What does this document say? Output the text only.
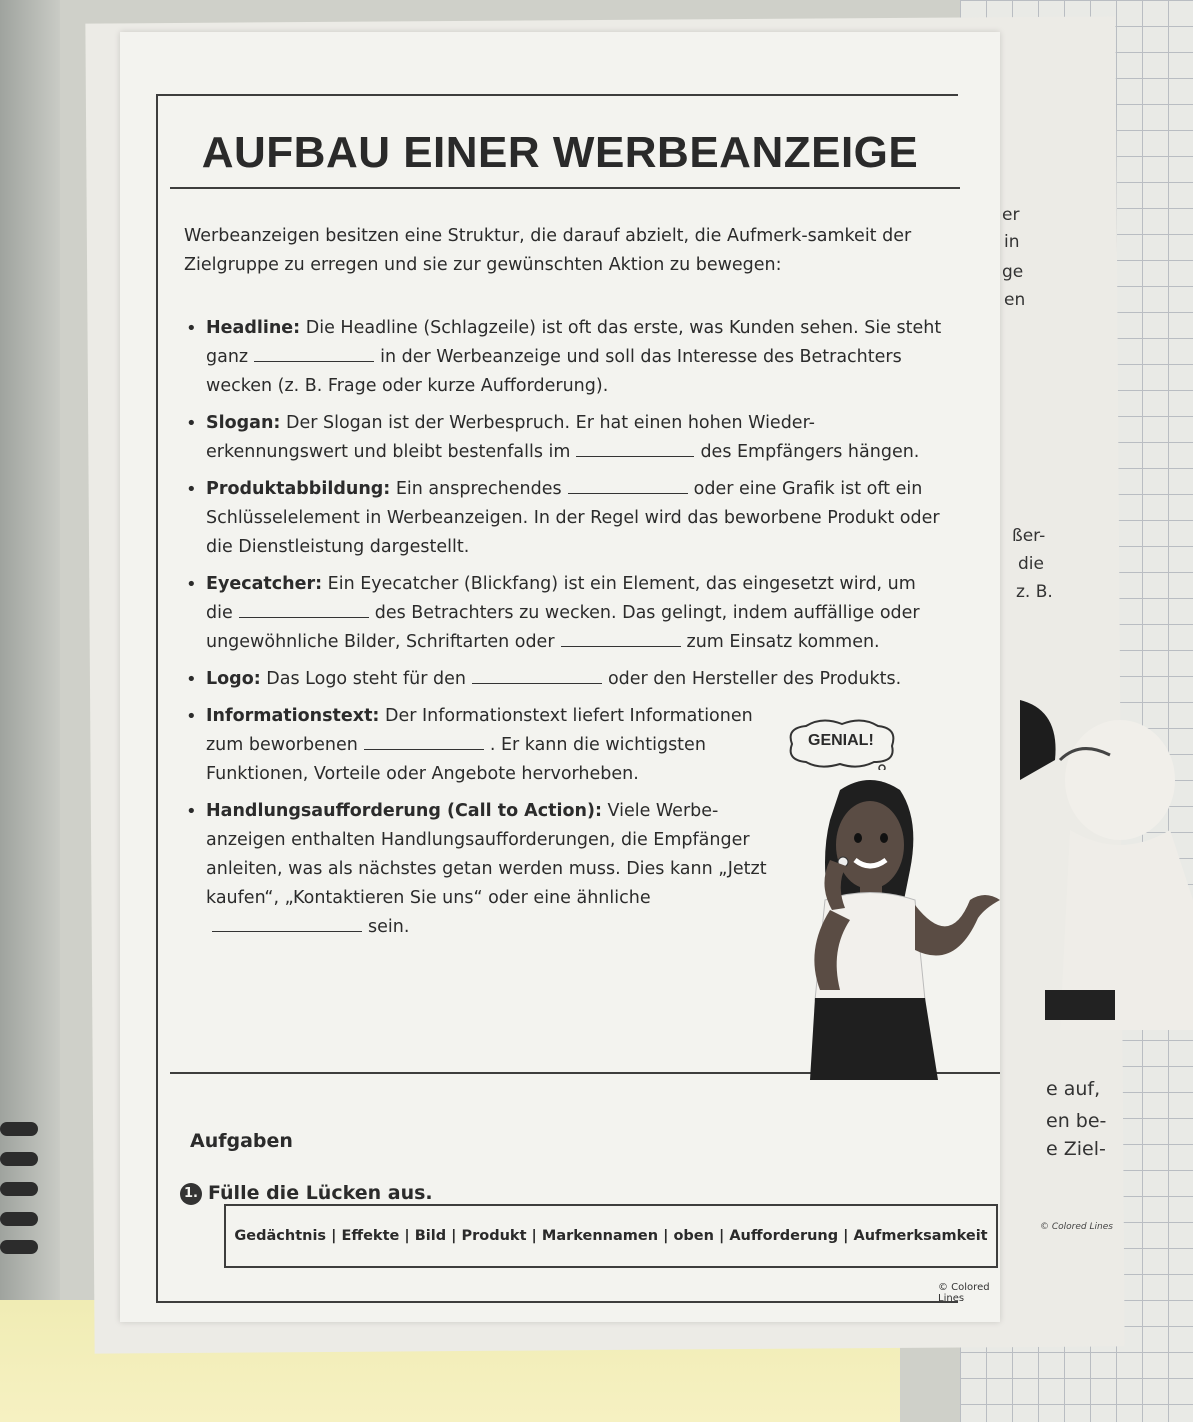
er
in
ge
en
ßer-
die
z. B.
e auf,
en be-
e Ziel-
© Colored Lines
AUFBAU EINER WERBEANZEIGE
Werbeanzeigen besitzen eine Struktur, die darauf abzielt, die Aufmerk-samkeit der Zielgruppe zu erregen und sie zur gewünschten Aktion zu bewegen:
• Headline: Die Headline (Schlagzeile) ist oft das erste, was Kunden sehen. Sie steht ganz	in der Werbeanzeige und soll das Interesse des Betrachters wecken (z. B. Frage oder kurze Aufforderung).
• Slogan: Der Slogan ist der Werbespruch. Er hat einen hohen Wieder-erkennungswert und bleibt bestenfalls im	des Empfängers hängen.
• Produktabbildung: Ein ansprechendes	oder eine Grafik ist oft ein Schlüsselelement in Werbeanzeigen. In der Regel wird das beworbene Produkt oder die Dienstleistung dargestellt.
• Eyecatcher: Ein Eyecatcher (Blickfang) ist ein Element, das eingesetzt wird, um die	des Betrachters zu wecken. Das gelingt, indem auffällige oder ungewöhnliche Bilder, Schriftarten oder	zum Einsatz kommen.
• Logo: Das Logo steht für den	oder den Hersteller des Produkts.
• Informationstext: Der Informationstext liefert Informationen zum beworbenen	. Er kann die wichtigsten Funktionen, Vorteile oder Angebote hervorheben.
• Handlungsaufforderung (Call to Action): Viele Werbe-anzeigen enthalten Handlungsaufforderungen, die Empfänger anleiten, was als nächstes getan werden muss. Dies kann „Jetzt kaufen“, „Kontaktieren Sie uns“ oder eine ähnlichesein.
Aufgaben
1. Fülle die Lücken aus.
Gedächtnis | Effekte | Bild | Produkt | Markennamen | oben | Aufforderung | Aufmerksamkeit
© Colored Lines
GENIAL!
